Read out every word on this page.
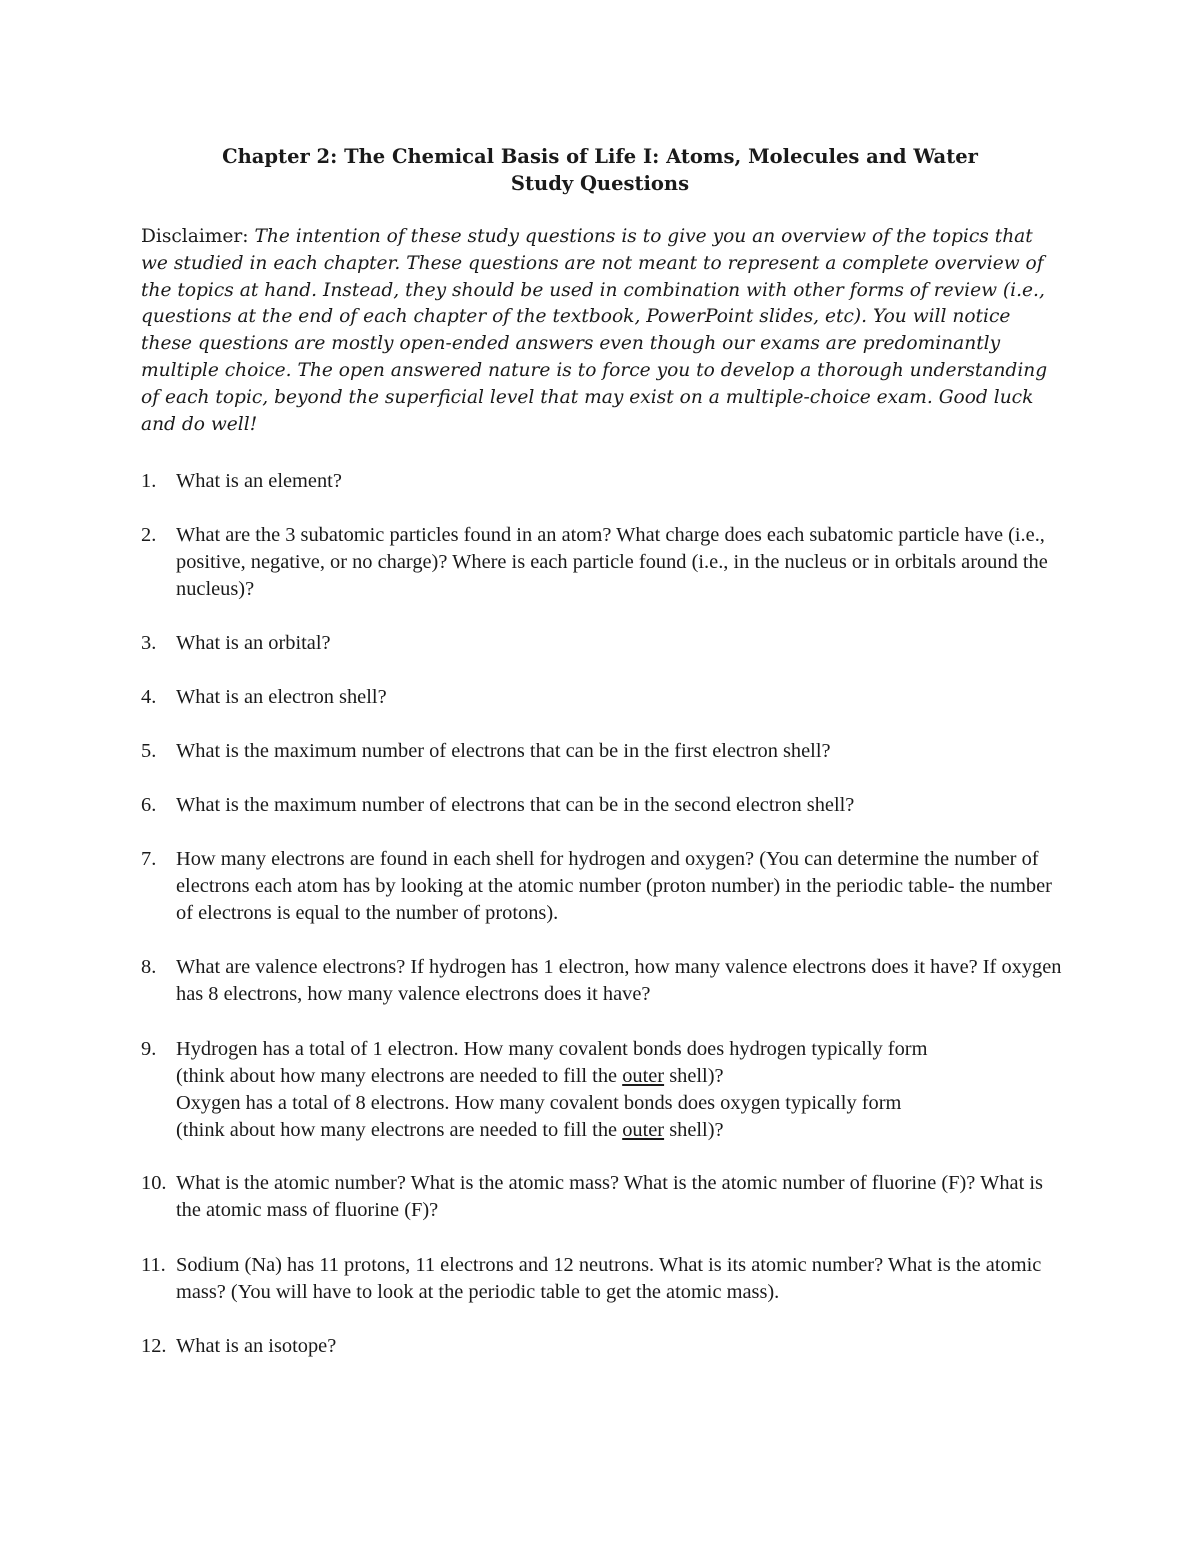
Chapter 2: The Chemical Basis of Life I: Atoms, Molecules and Water
Study Questions
Disclaimer: The intention of these study questions is to give you an overview of the topics that we studied in each chapter. These questions are not meant to represent a complete overview of the topics at hand. Instead, they should be used in combination with other forms of review (i.e., questions at the end of each chapter of the textbook, PowerPoint slides, etc). You will notice these questions are mostly open-ended answers even though our exams are predominantly multiple choice. The open answered nature is to force you to develop a thorough understanding of each topic, beyond the superficial level that may exist on a multiple-choice exam. Good luck and do well!
1. What is an element?
2. What are the 3 subatomic particles found in an atom? What charge does each subatomic particle have (i.e., positive, negative, or no charge)? Where is each particle found (i.e., in the nucleus or in orbitals around the nucleus)?
3. What is an orbital?
4. What is an electron shell?
5. What is the maximum number of electrons that can be in the first electron shell?
6. What is the maximum number of electrons that can be in the second electron shell?
7. How many electrons are found in each shell for hydrogen and oxygen? (You can determine the number of electrons each atom has by looking at the atomic number (proton number) in the periodic table- the number of electrons is equal to the number of protons).
8. What are valence electrons? If hydrogen has 1 electron, how many valence electrons does it have? If oxygen has 8 electrons, how many valence electrons does it have?
9. Hydrogen has a total of 1 electron. How many covalent bonds does hydrogen typically form
(think about how many electrons are needed to fill the outer shell)?
Oxygen has a total of 8 electrons. How many covalent bonds does oxygen typically form
(think about how many electrons are needed to fill the outer shell)?
10. What is the atomic number? What is the atomic mass? What is the atomic number of fluorine (F)? What is the atomic mass of fluorine (F)?
11. Sodium (Na) has 11 protons, 11 electrons and 12 neutrons. What is its atomic number? What is the atomic mass? (You will have to look at the periodic table to get the atomic mass).
12. What is an isotope?
